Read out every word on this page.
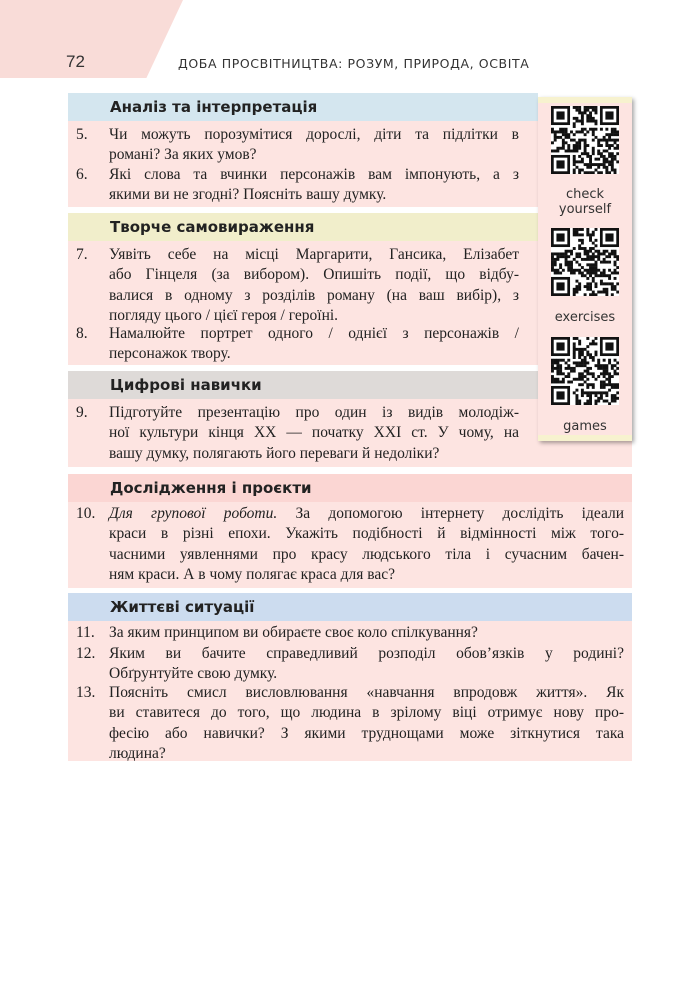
72	ДОБА ПРОСВІТНИЦТВА: РОЗУМ, ПРИРОДА, ОСВІТА
Аналіз та інтерпретація
5.	Чи можуть порозумітися дорослі, діти та підлітки в
романі? За яких умов?
6.	Які слова та вчинки персонажів вам імпонують, а з
якими ви не згодні? Поясніть вашу думку.
Творче самовираження
7.	Уявіть себе на місці Маргарити, Гансика, Елізабет
або Гінцеля (за вибором). Опишіть події, що відбу-
валися в одному з розділів роману (на ваш вибір), з
погляду цього / цієї героя / героїні.
8.	Намалюйте портрет одного / однієї з персонажів /
персонажок твору.
Цифрові навички
9.	Підготуйте презентацію про один із видів молодіж-
ної культури кінця XX — початку XXI ст. У чому, на
вашу думку, полягають його переваги й недоліки?
Дослідження і проєкти
10. Для групової роботи. За допомогою інтернету дослідіть ідеали
краси в різні епохи. Укажіть подібності й відмінності між тогo-
часними уявленнями про красу людського тіла і сучасним бачен-
ням краси. А в чому полягає краса для вас?
Життєві ситуації
11. За яким принципом ви обираєте своє коло спілкування?
12. Яким ви бачите справедливий розподіл обов’язків у родині?
Обґрунтуйте свою думку.
13. Поясніть смисл висловлювання «навчання впродовж життя». Як
ви ставитеся до того, що людина в зрілому віці отримує нову про-
фесію або навички? З якими труднощами може зіткнутися така
людина?
check
yourself
exercises
games
